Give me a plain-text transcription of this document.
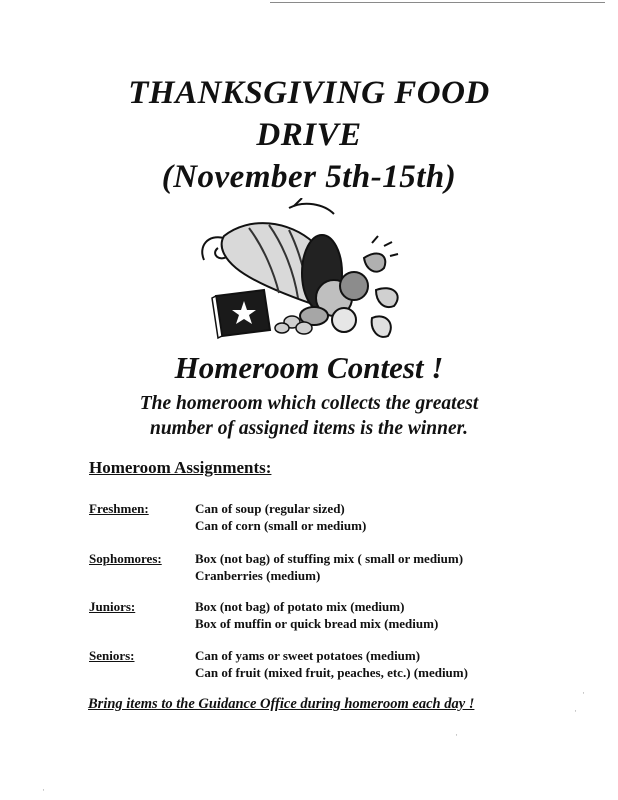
THANKSGIVING FOOD
DRIVE
(November 5th-15th)
Homeroom Contest !
The homeroom which collects the greatest
number of assigned items is the winner.
Homeroom Assignments:
Freshmen:	Can of soup (regular sized)
Can of corn (small or medium)
Sophomores:	Box (not bag) of stuffing mix ( small or medium)
Cranberries (medium)
Juniors:	Box (not bag) of potato mix (medium)
Box of muffin or quick bread mix (medium)
Seniors:	Can of yams or sweet potatoes (medium)
Can of fruit (mixed fruit, peaches, etc.) (medium)
Bring items to the Guidance Office during homeroom each day !
·
·
·
·
